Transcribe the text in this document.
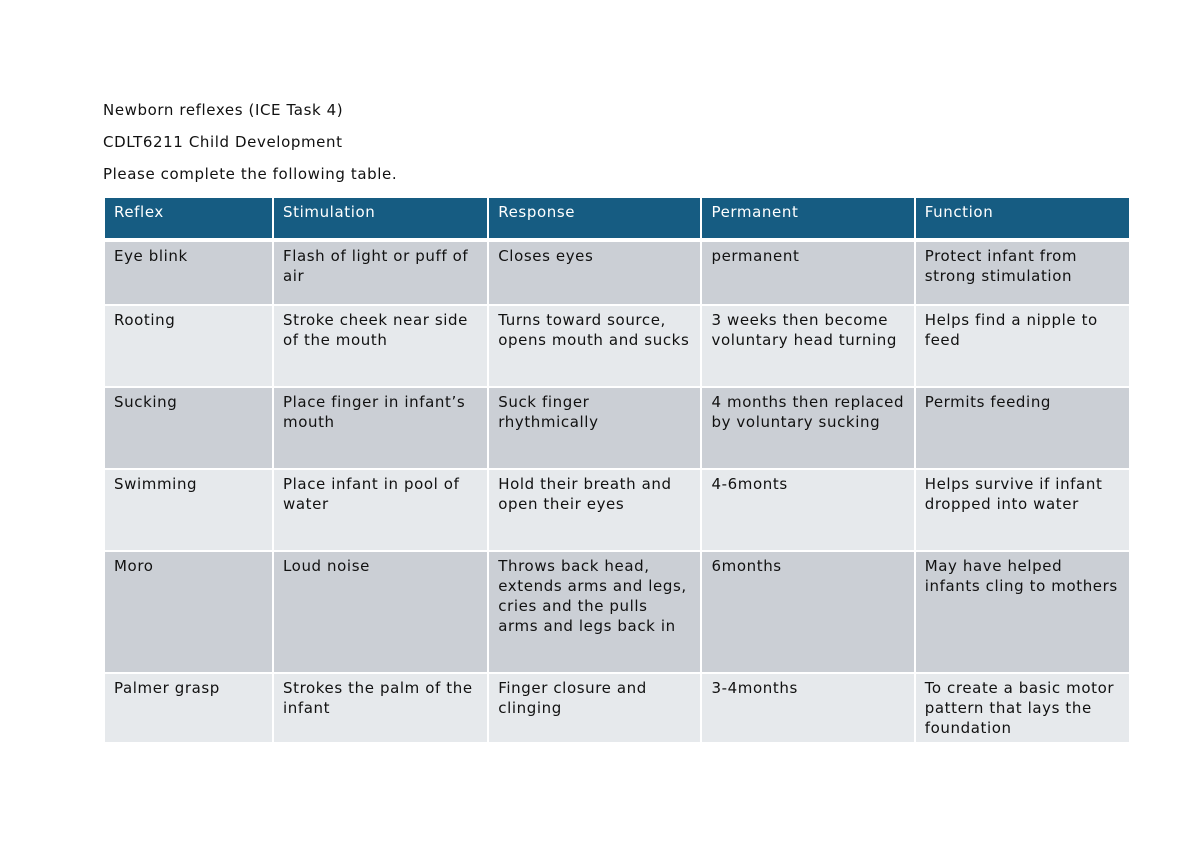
Newborn reflexes (ICE Task 4)
CDLT6211 Child Development
Please complete the following table.
Reflex	Stimulation	Response	Permanent	Function

Eye blink	Flash of light or puff of air	Closes eyes	permanent	Protect infant from strong stimulation
Rooting	Stroke cheek near side of the mouth	Turns toward source, opens mouth and sucks	3 weeks then become voluntary head turning	Helps find a nipple to feed
Sucking	Place finger in infant’s mouth	Suck finger rhythmically	4 months then replaced by voluntary sucking	Permits feeding
Swimming	Place infant in pool of water	Hold their breath and open their eyes	4-6monts	Helps survive if infant dropped into water
Moro	Loud noise	Throws back head, extends arms and legs, cries and the pulls arms and legs back in	6months	May have helped infants cling to mothers
Palmer grasp	Strokes the palm of the infant	Finger closure and clinging	3-4months	To create a basic motor pattern that lays the foundation
